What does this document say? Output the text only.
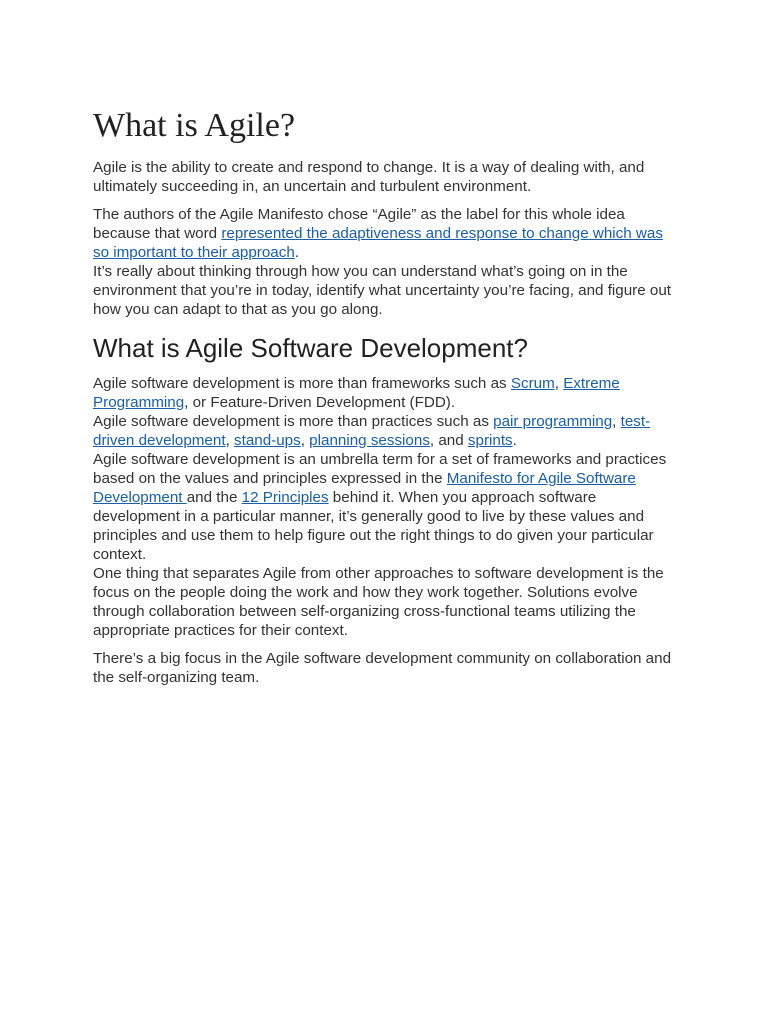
What is Agile?

Agile is the ability to create and respond to change. It is a way of dealing with, and ultimately succeeding in, an uncertain and turbulent environment.

The authors of the Agile Manifesto chose “Agile” as the label for this whole idea because that word represented the adaptiveness and response to change which was so important to their approach.

It’s really about thinking through how you can understand what’s going on in the environment that you’re in today, identify what uncertainty you’re facing, and figure out how you can adapt to that as you go along.

What is Agile Software Development?

Agile software development is more than frameworks such as Scrum, Extreme Programming, or Feature-Driven Development (FDD).

Agile software development is more than practices such as pair programming, test-driven development, stand-ups, planning sessions, and sprints.

Agile software development is an umbrella term for a set of frameworks and practices based on the values and principles expressed in the Manifesto for Agile Software Development and the 12 Principles behind it. When you approach software development in a particular manner, it’s generally good to live by these values and principles and use them to help figure out the right things to do given your particular context.

One thing that separates Agile from other approaches to software development is the focus on the people doing the work and how they work together. Solutions evolve through collaboration between self-organizing cross-functional teams utilizing the appropriate practices for their context.

There’s a big focus in the Agile software development community on collaboration and the self-organizing team.
